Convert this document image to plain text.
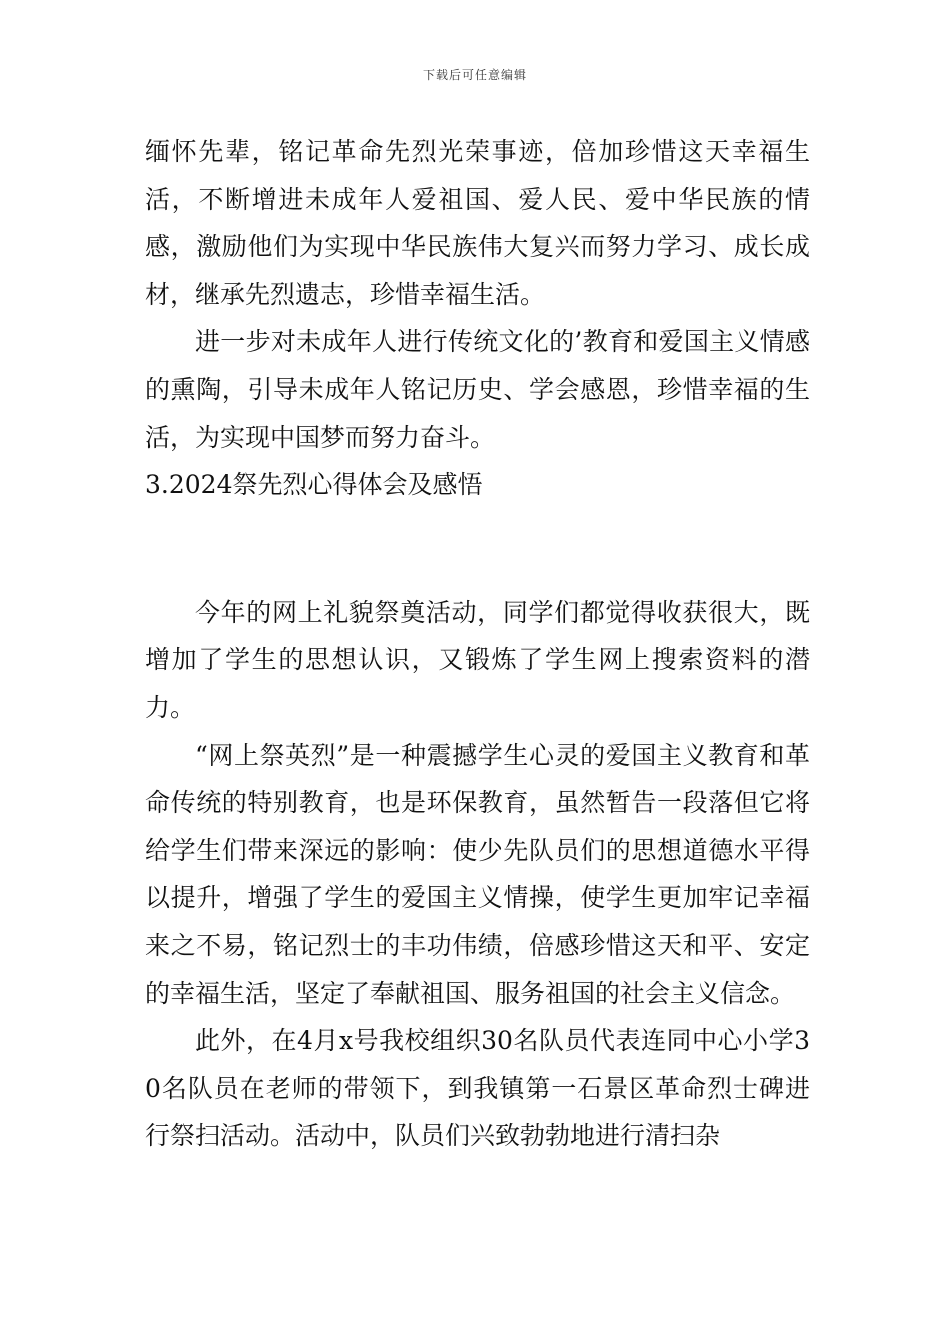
下载后可任意编辑

缅怀先辈，铭记革命先烈光荣事迹，倍加珍惜这天幸福生活，不断增进未成年人爱祖国、爱人民、爱中华民族的情感，激励他们为实现中华民族伟大复兴而努力学习、成长成材，继承先烈遗志，珍惜幸福生活。

进一步对未成年人进行传统文化的’教育和爱国主义情感的熏陶，引导未成年人铭记历史、学会感恩，珍惜幸福的生活，为实现中国梦而努力奋斗。

3.2024祭先烈心得体会及感悟

今年的网上礼貌祭奠活动，同学们都觉得收获很大，既增加了学生的思想认识，又锻炼了学生网上搜索资料的潜力。

“网上祭英烈”是一种震撼学生心灵的爱国主义教育和革命传统的特别教育，也是环保教育，虽然暂告一段落但它将给学生们带来深远的影响：使少先队员们的思想道德水平得以提升，增强了学生的爱国主义情操，使学生更加牢记幸福来之不易，铭记烈士的丰功伟绩，倍感珍惜这天和平、安定的幸福生活，坚定了奉献祖国、服务祖国的社会主义信念。

此外，在4月x号我校组织30名队员代表连同中心小学30名队员在老师的带领下，到我镇第一石景区革命烈士碑进行祭扫活动。活动中，队员们兴致勃勃地进行清扫杂
